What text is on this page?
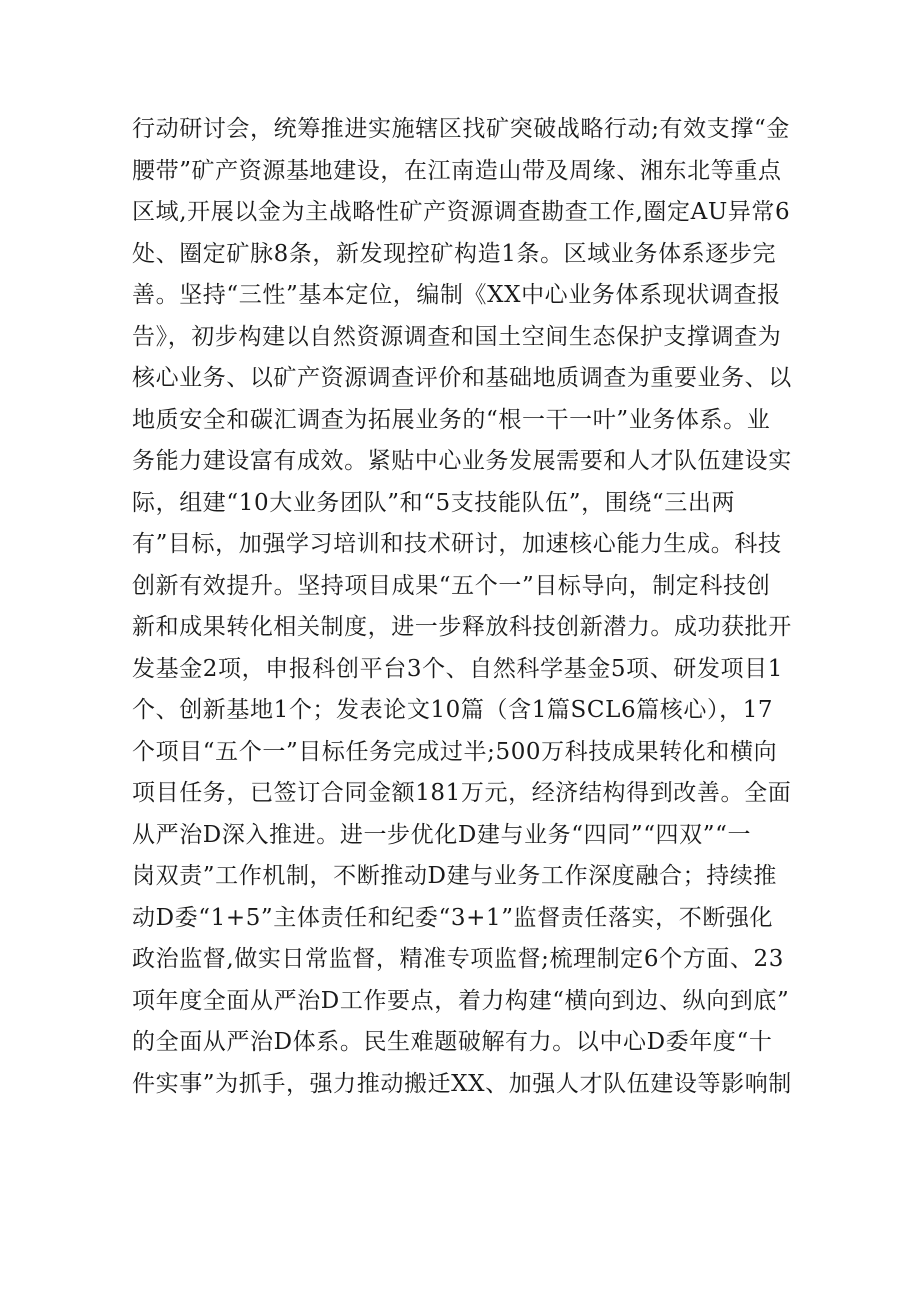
行动研讨会，统筹推进实施辖区找矿突破战略行动;有效支撑“金
腰带”矿产资源基地建设，在江南造山带及周缘、湘东北等重点
区域,开展以金为主战略性矿产资源调查勘查工作,圈定AU异常6
处、圈定矿脉8条，新发现控矿构造1条。区域业务体系逐步完
善。坚持“三性”基本定位，编制《XX中心业务体系现状调查报
告》，初步构建以自然资源调查和国土空间生态保护支撑调查为
核心业务、以矿产资源调查评价和基础地质调查为重要业务、以
地质安全和碳汇调查为拓展业务的“根一干一叶”业务体系。业
务能力建设富有成效。紧贴中心业务发展需要和人才队伍建设实
际，组建“10大业务团队”和“5支技能队伍”，围绕“三出两
有”目标，加强学习培训和技术研讨，加速核心能力生成。科技
创新有效提升。坚持项目成果“五个一”目标导向，制定科技创
新和成果转化相关制度，进一步释放科技创新潜力。成功获批开
发基金2项，申报科创平台3个、自然科学基金5项、研发项目1
个、创新基地1个；发表论文10篇（含1篇SCL6篇核心），17
个项目“五个一”目标任务完成过半;500万科技成果转化和横向
项目任务，已签订合同金额181万元，经济结构得到改善。全面
从严治D深入推进。进一步优化D建与业务“四同”“四双”“一
岗双责”工作机制，不断推动D建与业务工作深度融合；持续推
动D委“1+5”主体责任和纪委“3+1”监督责任落实，不断强化
政治监督,做实日常监督，精准专项监督;梳理制定6个方面、23
项年度全面从严治D工作要点，着力构建“横向到边、纵向到底”
的全面从严治D体系。民生难题破解有力。以中心D委年度“十
件实事”为抓手，强力推动搬迁XX、加强人才队伍建设等影响制
